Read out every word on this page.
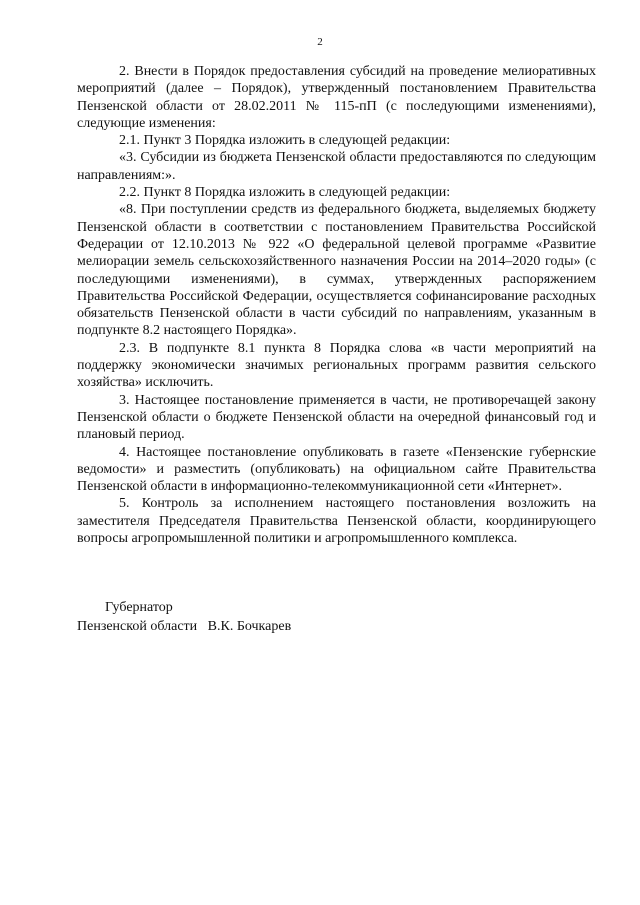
2

2. Внести в Порядок предоставления субсидий на проведение мелиоративных мероприятий (далее – Порядок), утвержденный постановлением Правительства Пензенской области от 28.02.2011 № 115-пП (с последующими изменениями), следующие изменения:

2.1. Пункт 3 Порядка изложить в следующей редакции:

«3. Субсидии из бюджета Пензенской области предоставляются по следующим направлениям:».

2.2. Пункт 8 Порядка изложить в следующей редакции:

«8. При поступлении средств из федерального бюджета, выделяемых бюджету Пензенской области в соответствии с постановлением Правительства Российской Федерации от 12.10.2013 № 922 «О федеральной целевой программе «Развитие мелиорации земель сельскохозяйственного назначения России на 2014–2020 годы» (с последующими изменениями), в суммах, утвержденных распоряжением Правительства Российской Федерации, осуществляется софинансирование расходных обязательств Пензенской области в части субсидий по направлениям, указанным в подпункте 8.2 настоящего Порядка».

2.3. В подпункте 8.1 пункта 8 Порядка слова «в части мероприятий на поддержку экономически значимых региональных программ развития сельского хозяйства» исключить.

3. Настоящее постановление применяется в части, не противоречащей закону Пензенской области о бюджете Пензенской области на очередной финансовый год и плановый период.

4. Настоящее постановление опубликовать в газете «Пензенские губернские ведомости» и разместить (опубликовать) на официальном сайте Правительства Пензенской области в информационно-телекоммуникационной сети «Интернет».

5. Контроль за исполнением настоящего постановления возложить на заместителя Председателя Правительства Пензенской области, координирующего вопросы агропромышленной политики и агропромышленного комплекса.

Губернатор
Пензенской области В.К. Бочкарев
